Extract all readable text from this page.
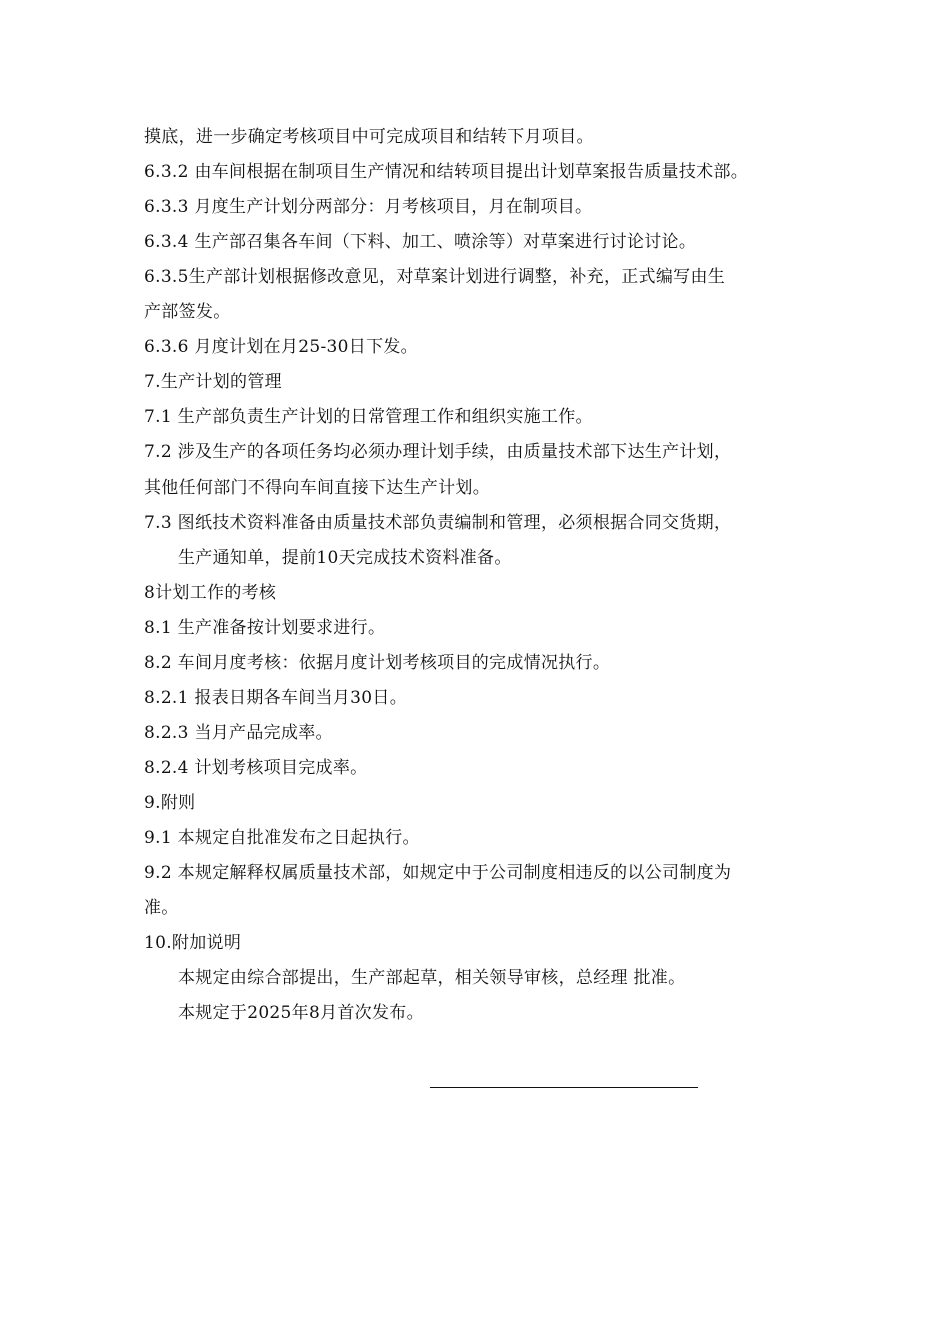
摸底，进一步确定考核项目中可完成项目和结转下月项目。
6.3.2 由车间根据在制项目生产情况和结转项目提出计划草案报告质量技术部。
6.3.3 月度生产计划分两部分：月考核项目，月在制项目。
6.3.4 生产部召集各车间（下料、加工、喷涂等）对草案进行讨论讨论。
6.3.5生产部计划根据修改意见，对草案计划进行调整，补充，正式编写由生
产部签发。
6.3.6 月度计划在月25-30日下发。
7.生产计划的管理
7.1 生产部负责生产计划的日常管理工作和组织实施工作。
7.2 涉及生产的各项任务均必须办理计划手续，由质量技术部下达生产计划，
其他任何部门不得向车间直接下达生产计划。
7.3 图纸技术资料准备由质量技术部负责编制和管理，必须根据合同交货期，
生产通知单，提前10天完成技术资料准备。
8计划工作的考核
8.1 生产准备按计划要求进行。
8.2 车间月度考核：依据月度计划考核项目的完成情况执行。
8.2.1 报表日期各车间当月30日。
8.2.3 当月产品完成率。
8.2.4 计划考核项目完成率。
9.附则
9.1 本规定自批准发布之日起执行。
9.2 本规定解释权属质量技术部，如规定中于公司制度相违反的以公司制度为
准。
10.附加说明
本规定由综合部提出，生产部起草，相关领导审核，总经理 批准。
本规定于2025年8月首次发布。
